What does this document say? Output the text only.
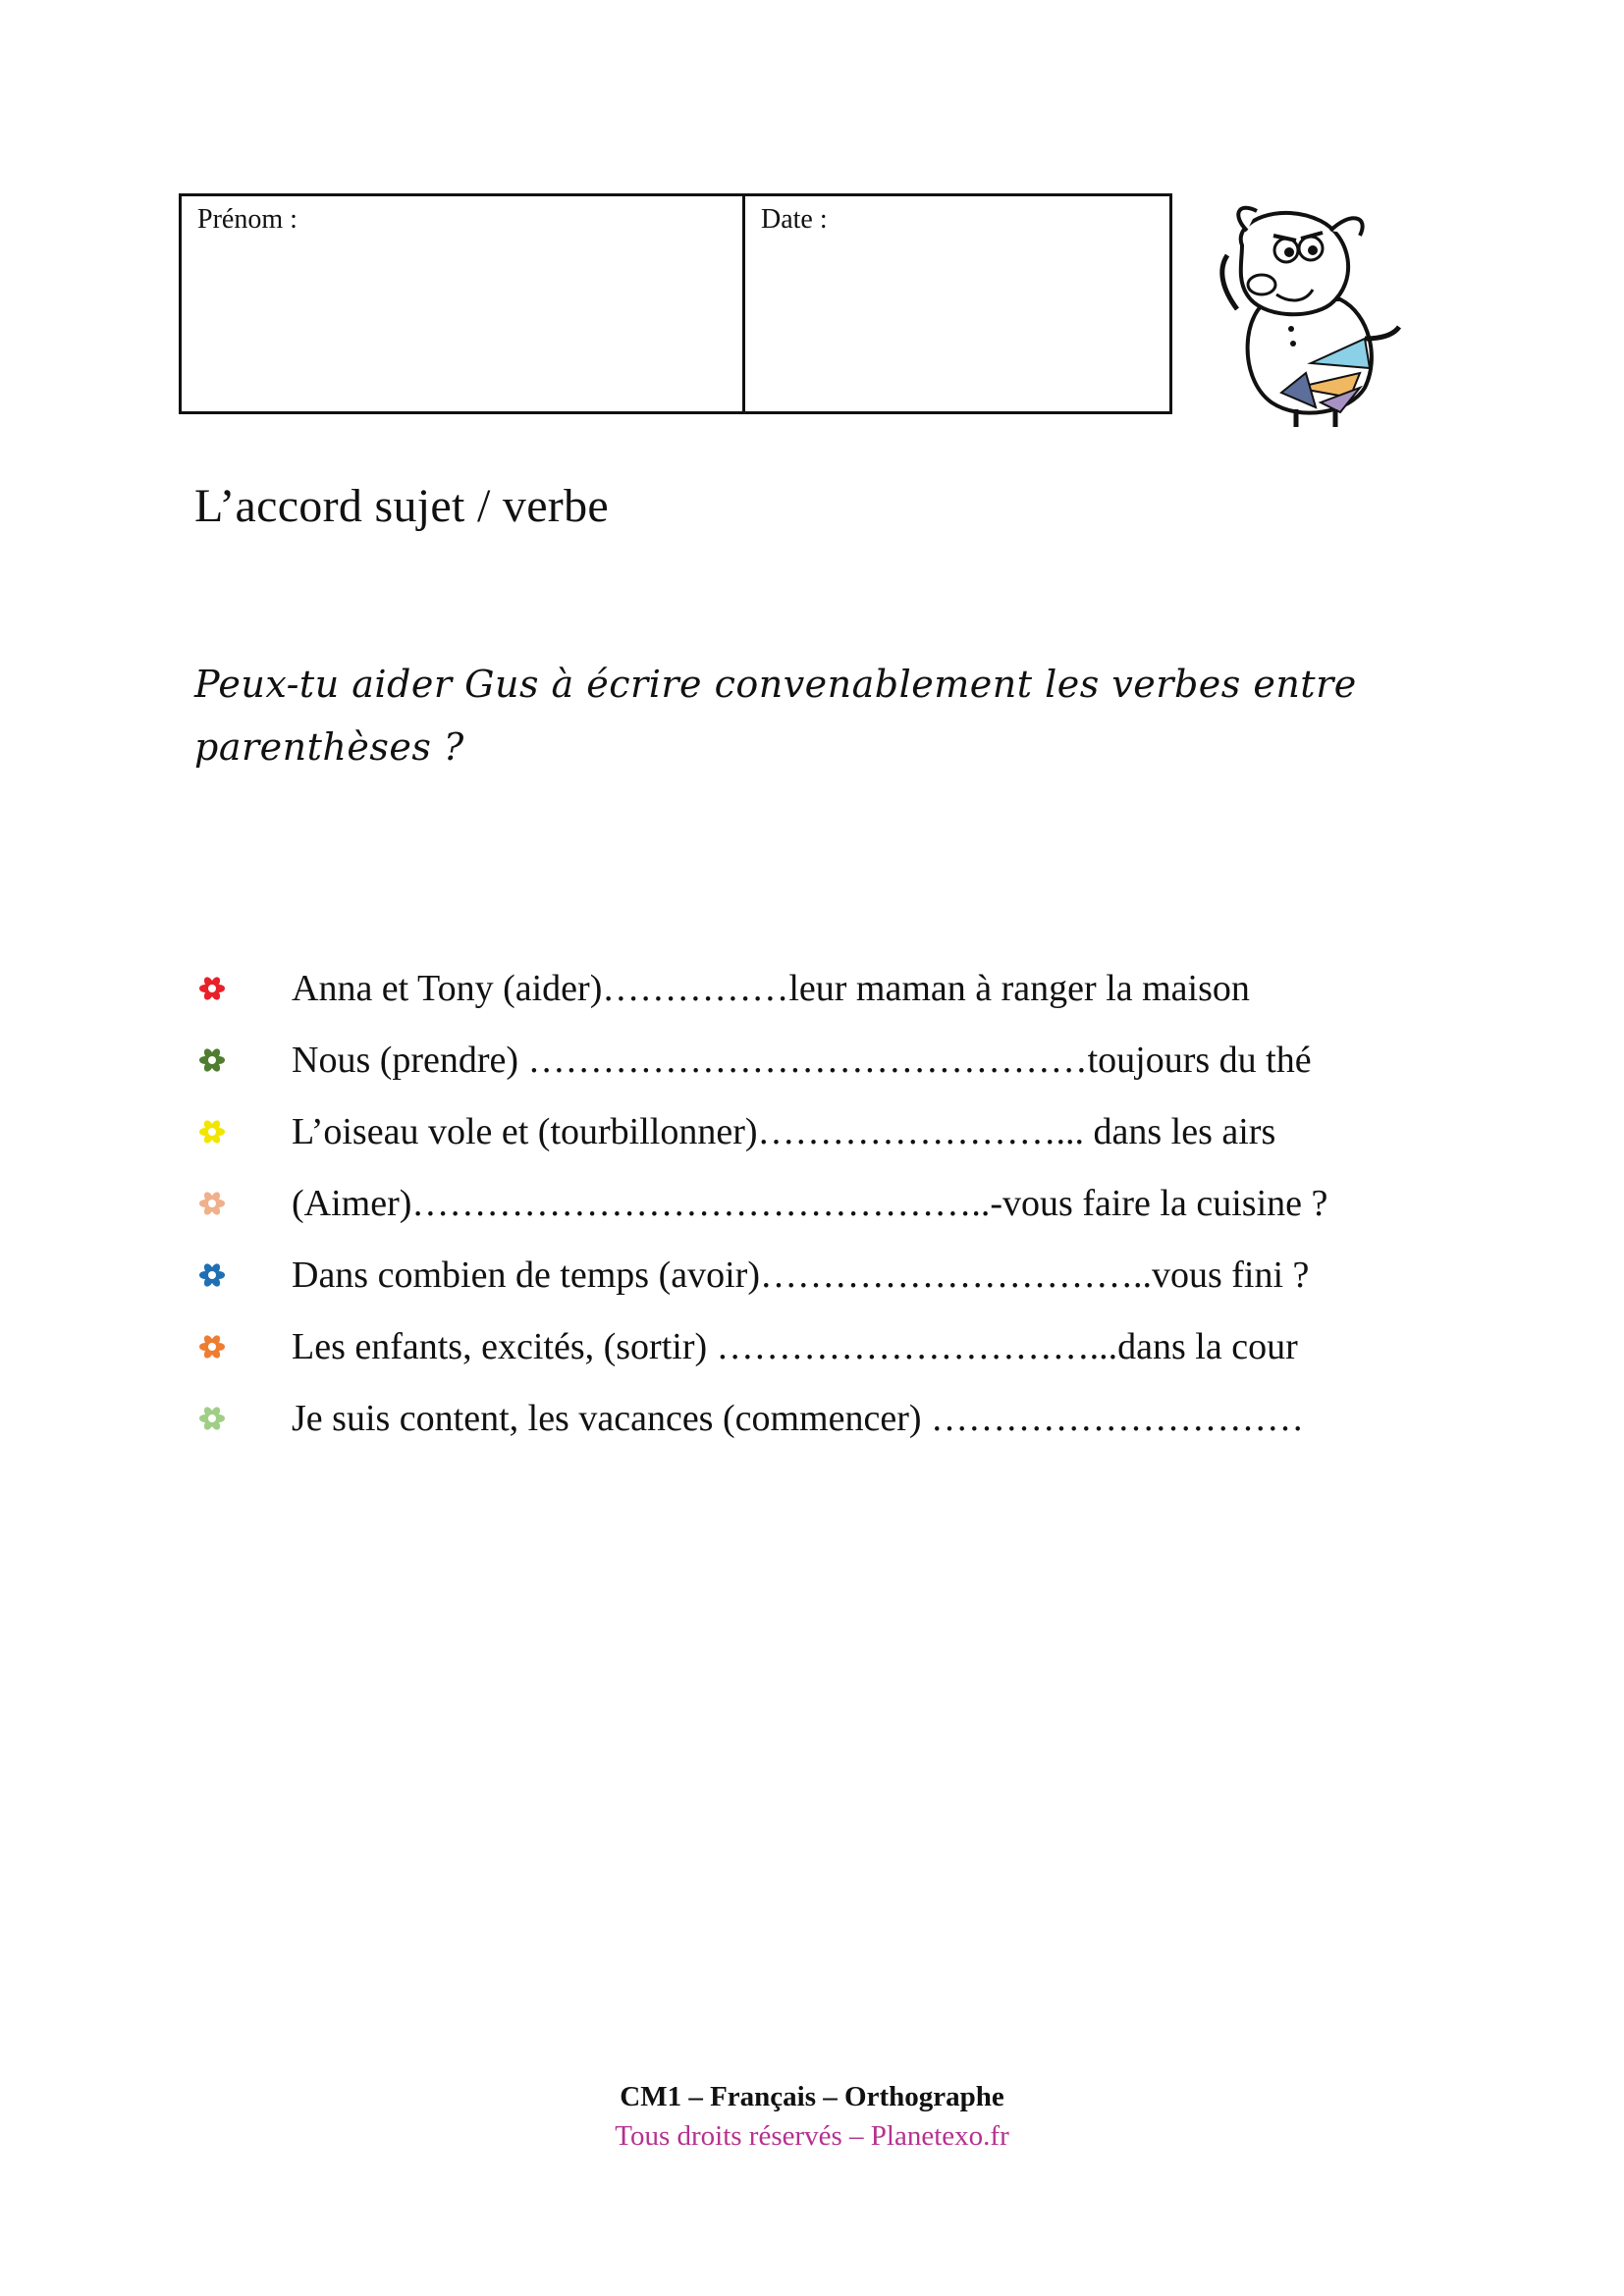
Prénom :	Date :
L’accord sujet / verbe
Peux-tu aider Gus à écrire convenablement les verbes entre parenthèses ?
Anna et Tony (aider)……………leur maman à ranger la maison
Nous (prendre) ………………………………………toujours du thé
L’oiseau vole et (tourbillonner)……………………... dans les airs
(Aimer)………………………………………..-vous faire la cuisine ?
Dans combien de temps (avoir)…………………………..vous fini ?
Les enfants, excités, (sortir) …………………………...dans la cour
Je suis content, les vacances (commencer) …………………………
CM1 – Français – Orthographe
Tous droits réservés – Planetexo.fr
